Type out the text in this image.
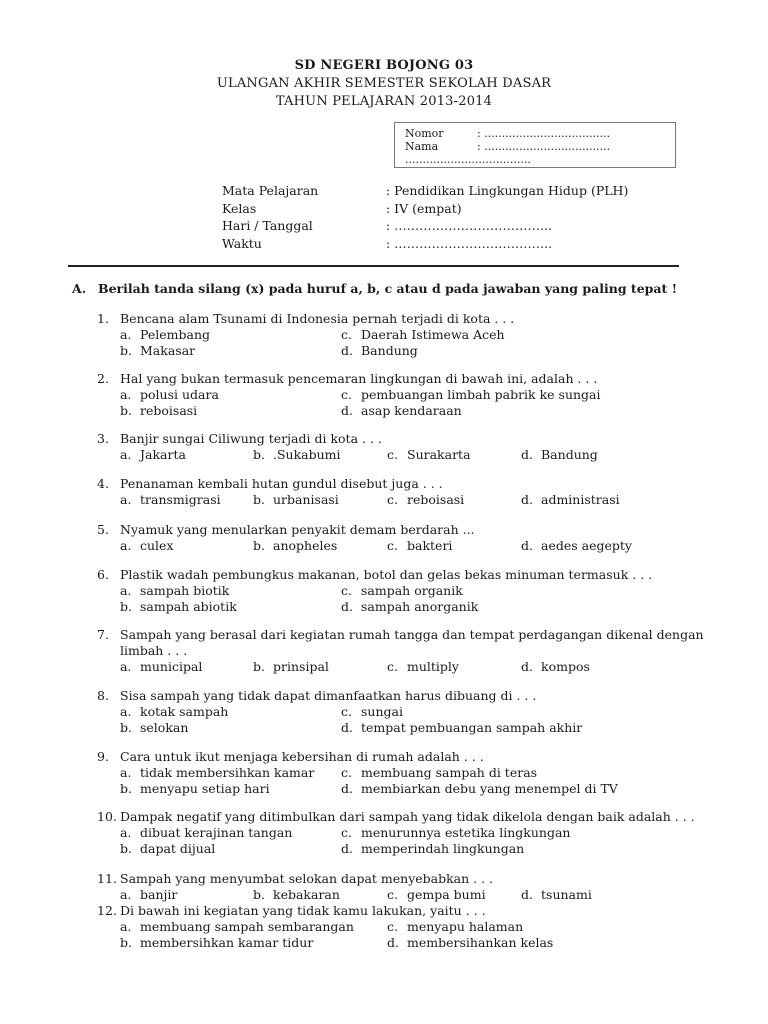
SD NEGERI BOJONG 03
ULANGAN AKHIR SEMESTER SEKOLAH DASAR
TAHUN PELAJARAN 2013-2014
Nomor	: ....................................
Nama	: ....................................
....................................
Mata Pelajaran	: Pendidikan Lingkungan Hidup (PLH)
Kelas	: IV (empat)
Hari / Tanggal	: ………………………………..
Waktu	: ………………………………..
A. Berilah tanda silang (x) pada huruf a, b, c atau d pada jawaban yang paling tepat !
1. Bencana alam Tsunami di Indonesia pernah terjadi di kota . . .
a. Pelembang	c. Daerah Istimewa Aceh
b. Makasar	d. Bandung
2. Hal yang bukan termasuk pencemaran lingkungan di bawah ini, adalah . . .
a. polusi udara	c. pembuangan limbah pabrik ke sungai
b. reboisasi	d. asap kendaraan
3. Banjir sungai Ciliwung terjadi di kota . . .
a. Jakarta	b. .Sukabumi	c. Surakarta	d. Bandung
4. Penanaman kembali hutan gundul disebut juga . . .
a. transmigrasi	b. urbanisasi	c. reboisasi	d. administrasi
5. Nyamuk yang menularkan penyakit demam berdarah ...
a. culex	b. anopheles	c. bakteri	d. aedes aegepty
6. Plastik wadah pembungkus makanan, botol dan gelas bekas minuman termasuk . . .
a. sampah biotik	c. sampah organik
b. sampah abiotik	d. sampah anorganik
7. Sampah yang berasal dari kegiatan rumah tangga dan tempat perdagangan dikenal dengan
limbah . . .
a. municipal	b. prinsipal	c. multiply	d. kompos
8. Sisa sampah yang tidak dapat dimanfaatkan harus dibuang di . . .
a. kotak sampah	c. sungai
b. selokan	d. tempat pembuangan sampah akhir
9. Cara untuk ikut menjaga kebersihan di rumah adalah . . .
a. tidak membersihkan kamar c. membuang sampah di teras
b. menyapu setiap hari	d. membiarkan debu yang menempel di TV
10. Dampak negatif yang ditimbulkan dari sampah yang tidak dikelola dengan baik adalah . . .
a. dibuat kerajinan tangan	c. menurunnya estetika lingkungan
b. dapat dijual	d. memperindah lingkungan
11. Sampah yang menyumbat selokan dapat menyebabkan . . .
a. banjir	b. kebakaran	c. gempa bumi	d. tsunami
12. Di bawah ini kegiatan yang tidak kamu lakukan, yaitu . . .
a. membuang sampah sembarangan	c. menyapu halaman
b. membersihkan kamar tidur	d. membersihankan kelas
